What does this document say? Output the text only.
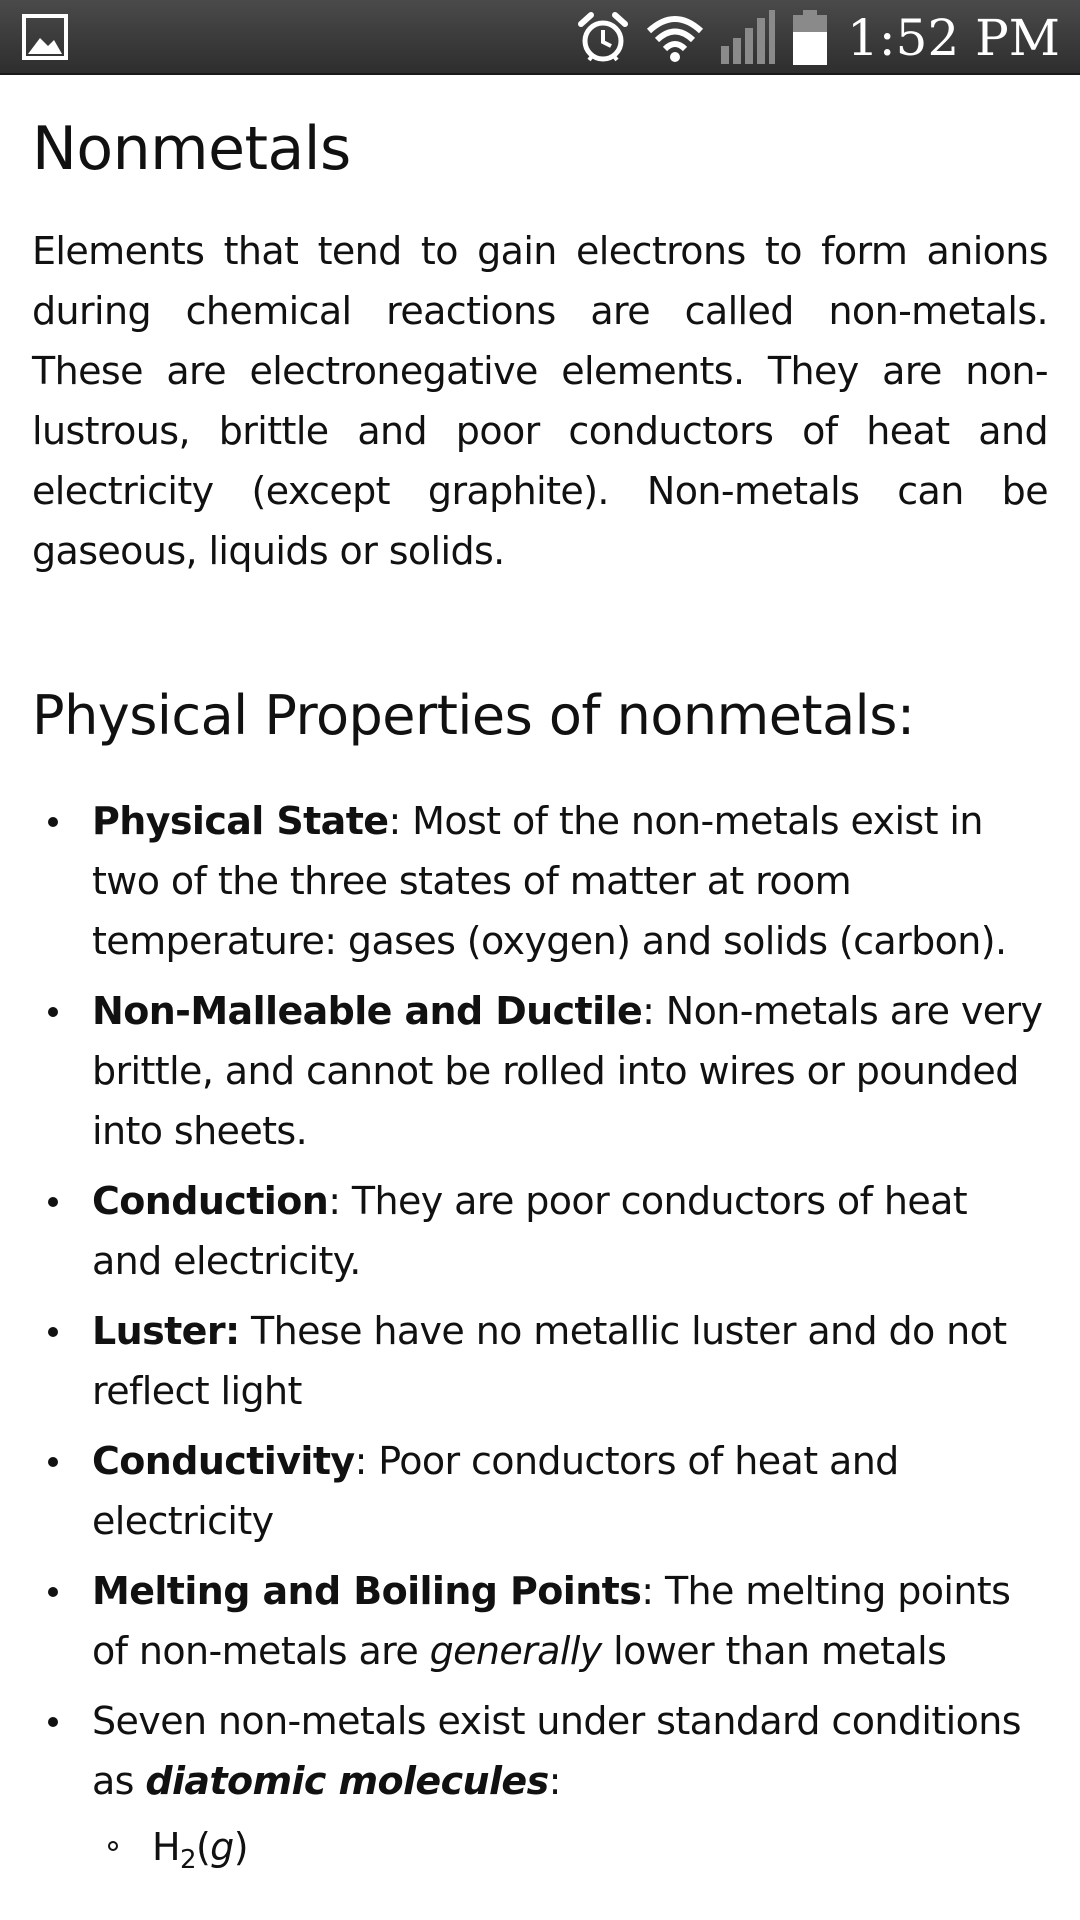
1:52 PM
Nonmetals

Elements that tend to gain electrons to form anions during chemical reactions are called non-metals. These are electronegative elements. They are non-lustrous, brittle and poor conductors of heat and electricity (except graphite). Non-metals can be gaseous, liquids or solids.

Physical Properties of nonmetals:
Physical State: Most of the non-metals exist in two of the three states of matter at room temperature: gases (oxygen) and solids (carbon).
Non-Malleable and Ductile: Non-metals are very brittle, and cannot be rolled into wires or pounded into sheets.
Conduction: They are poor conductors of heat and electricity.
Luster: These have no metallic luster and do not reflect light
Conductivity: Poor conductors of heat and electricity
Melting and Boiling Points: The melting points of non-metals are generally lower than metals
Seven non-metals exist under standard conditions as diatomic molecules:
$H_2(g)$
